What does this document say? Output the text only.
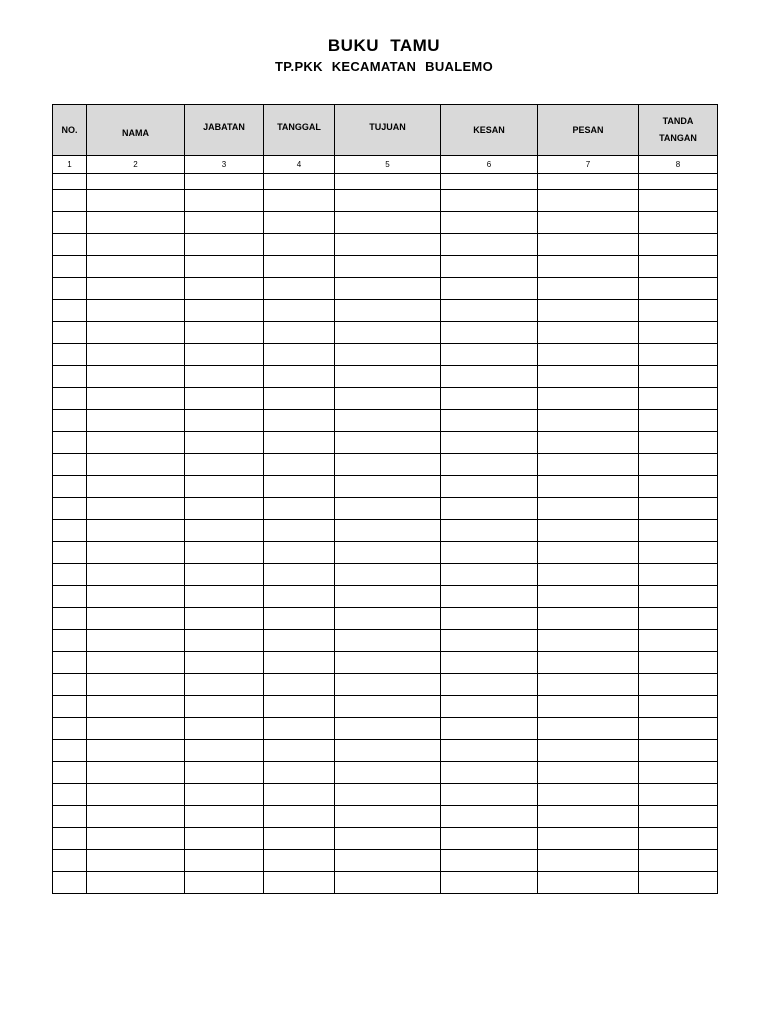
BUKU TAMU
TP.PKK KECAMATAN BUALEMO
NO.	NAMA	JABATAN	TANGGAL	TUJUAN	KESAN	PESAN	TANDA
TANGAN

1	2	3	4	5	6	7	8
